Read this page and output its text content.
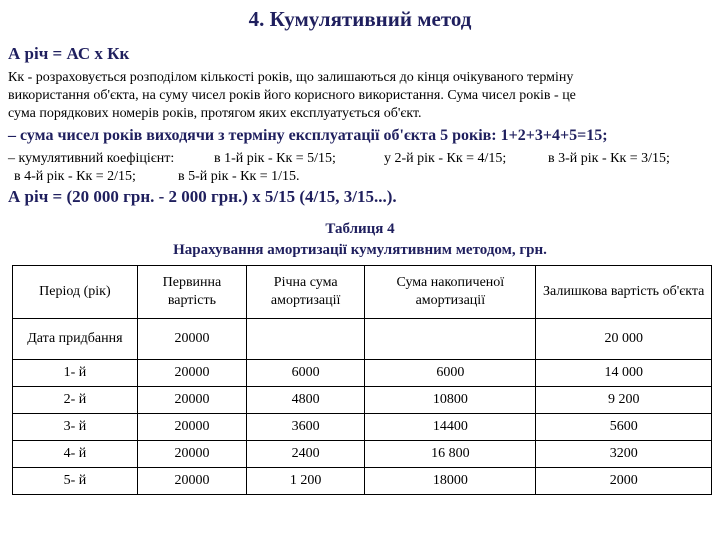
4. Кумулятивний метод
А річ = АС х Кк
Кк - розраховується розподілом кількості років, що залишаються до кінця очікуваного терміну
використання об'єкта, на суму чисел років його корисного використання. Сума чисел років - це
сума порядкових номерів років, протягом яких експлуатується об'єкт.
– сума чисел років виходячи з терміну експлуатації об'єкта 5 років: 1+2+3+4+5=15;
– кумулятивний коефіцієнт:	в 1-й рік - Кк = 5/15;	у 2-й рік - Кк = 4/15;	в 3-й рік - Кк = 3/15;
в 4-й рік - Кк = 2/15;	в 5-й рік - Кк = 1/15.
А річ = (20 000 грн. - 2 000 грн.) х 5/15 (4/15, 3/15...).
Таблиця 4
Нарахування амортизації кумулятивним методом, грн.
Період (рік)	Первинна вартість	Річна сума амортизації	Сума накопиченої амортизації	Залишкова вартість об'єкта
Дата придбання	20000			20 000
1- й	20000	6000	6000	14 000
2- й	20000	4800	10800	9 200
3- й	20000	3600	14400	5600
4- й	20000	2400	16 800	3200
5- й	20000	1 200	18000	2000
